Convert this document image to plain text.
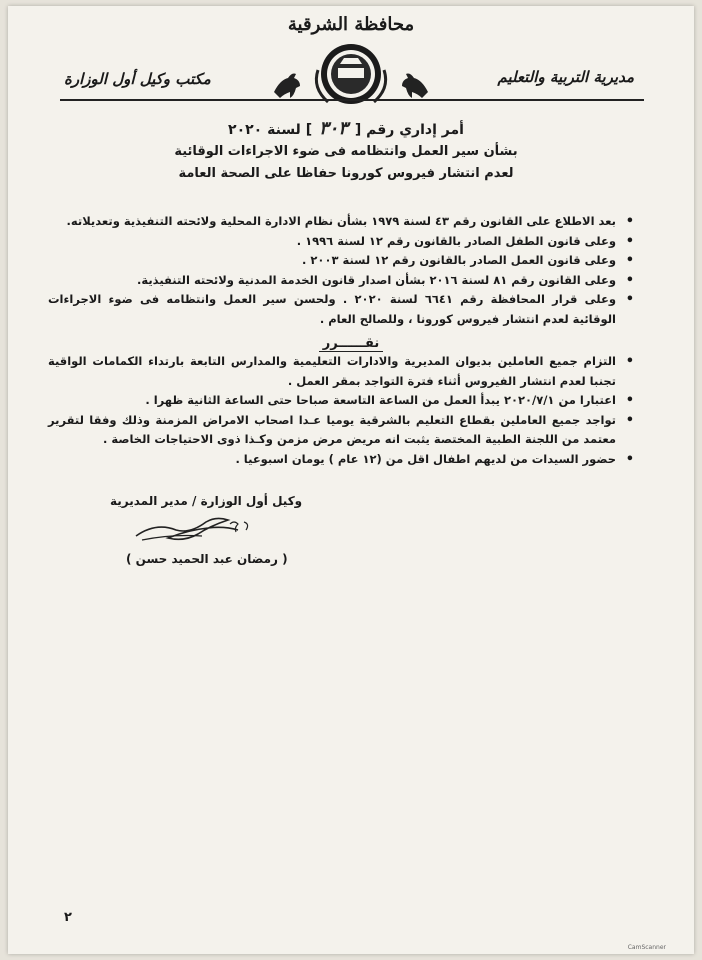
محافظة الشرقية
مديرية التربية والتعليم
مكتب وكيل أول الوزارة
أمر إداري رقم [ ٣٠٣ ] لسنة ٢٠٢٠
بشأن سير العمل وانتظامه فى ضوء الاجراءات الوقائية
لعدم انتشار فيروس كورونا حفاظا على الصحة العامة
• بعد الاطلاع على القانون رقم ٤٣ لسنة ١٩٧٩ بشأن نظام الادارة المحلية ولائحته التنفيذية وتعديلاته.
• وعلى قانون الطفل الصادر بالقانون رقم ١٢ لسنة ١٩٩٦ .
• وعلى قانون العمل الصادر بالقانون رقم ١٢ لسنة ٢٠٠٣ .
• وعلى القانون رقم ٨١ لسنة ٢٠١٦ بشأن اصدار قانون الخدمة المدنية ولائحته التنفيذية.
• وعلى قرار المحافظة رقم ٦٦٤١ لسنة ٢٠٢٠ . ولحسن سير العمل وانتظامه فى ضوء الاجراءات الوقائية لعدم انتشار فيروس كورونا ، وللصالح العام .
نقــــــرر
• التزام جميع العاملين بديوان المديرية والادارات التعليمية والمدارس التابعة بارتداء الكمامات الواقية تجنبا لعدم انتشار الفيروس أثناء فترة التواجد بمقر العمل .
• اعتبارا من ٢٠٢٠/٧/١ يبدأ العمل من الساعة التاسعة صباحا حتى الساعة الثانية ظهرا .
• تواجد جميع العاملين بقطاع التعليم بالشرقية يوميا عـدا اصحاب الامراض المزمنة وذلك وفقا لتقرير معتمد من اللجنة الطبية المختصة يثبت انه مريض مرض مزمن وكـذا ذوى الاحتياجات الخاصة .
• حضور السيدات من لديهم اطفال اقل من (١٢ عام ) يومان اسبوعيا .
وكيل أول الوزارة / مدير المديرية
( رمضان عبد الحميد حسن )
٢
CamScanner
